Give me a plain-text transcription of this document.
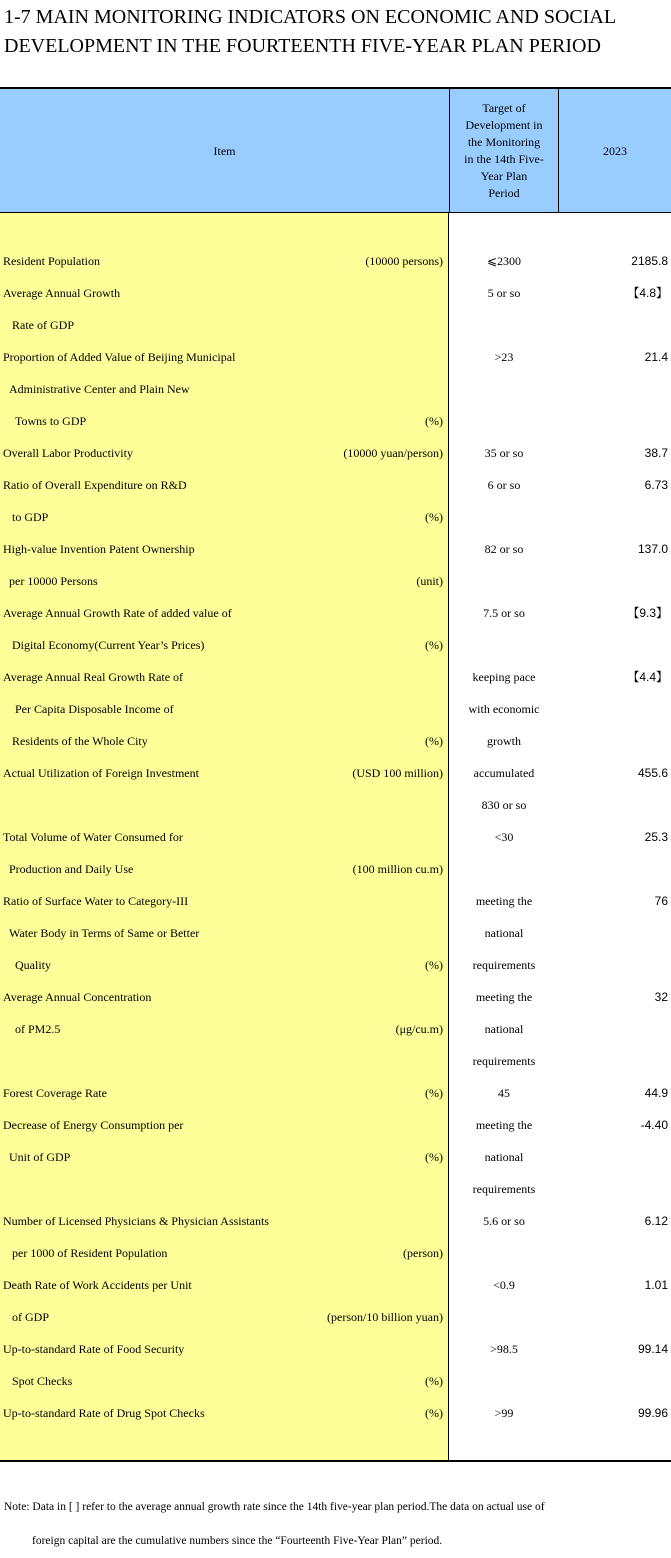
1-7 MAIN MONITORING INDICATORS ON ECONOMIC AND SOCIAL
DEVELOPMENT IN THE FOURTEENTH FIVE-YEAR PLAN PERIOD
Item
Target of Development in the Monitoring in the 14th Five-Year Plan Period
2023
Resident Population	(10000 persons)	⩽2300	2185.8
Average Annual Growth	5 or so	【4.8】
Rate of GDP
Proportion of Added Value of Beijing Municipal	>23	21.4
Administrative Center and Plain New
Towns to GDP	(%)
Overall Labor Productivity	(10000 yuan/person)	35 or so	38.7
Ratio of Overall Expenditure on R&D	6 or so	6.73
to GDP	(%)
High-value Invention Patent Ownership	82 or so	137.0
per 10000 Persons	(unit)
Average Annual Growth Rate of added value of	7.5 or so	【9.3】
Digital Economy(Current Year’s Prices)	(%)
Average Annual Real Growth Rate of	keeping pace	【4.4】
Per Capita Disposable Income of	with economic
Residents of the Whole City	(%)	growth
Actual Utilization of Foreign Investment	(USD 100 million)	accumulated	455.6
830 or so
Total Volume of Water Consumed for	<30	25.3
Production and Daily Use	(100 million cu.m)
Ratio of Surface Water to Category-III	meeting the	76
Water Body in Terms of Same or Better	national
Quality	(%)	requirements
Average Annual Concentration	meeting the	32
of PM2.5	(μg/cu.m)	national
requirements
Forest Coverage Rate	(%)	45	44.9
Decrease of Energy Consumption per	meeting the	-4.40
Unit of GDP	(%)	national
requirements
Number of Licensed Physicians & Physician Assistants	5.6 or so	6.12
per 1000 of Resident Population	(person)
Death Rate of Work Accidents per Unit	<0.9	1.01
of GDP	(person/10 billion yuan)
Up-to-standard Rate of Food Security	>98.5	99.14
Spot Checks	(%)
Up-to-standard Rate of Drug Spot Checks	(%)	>99	99.96
Note: Data in [ ] refer to the average annual growth rate since the 14th five-year plan period.The data on actual use of
foreign capital are the cumulative numbers since the “Fourteenth Five-Year Plan” period.
